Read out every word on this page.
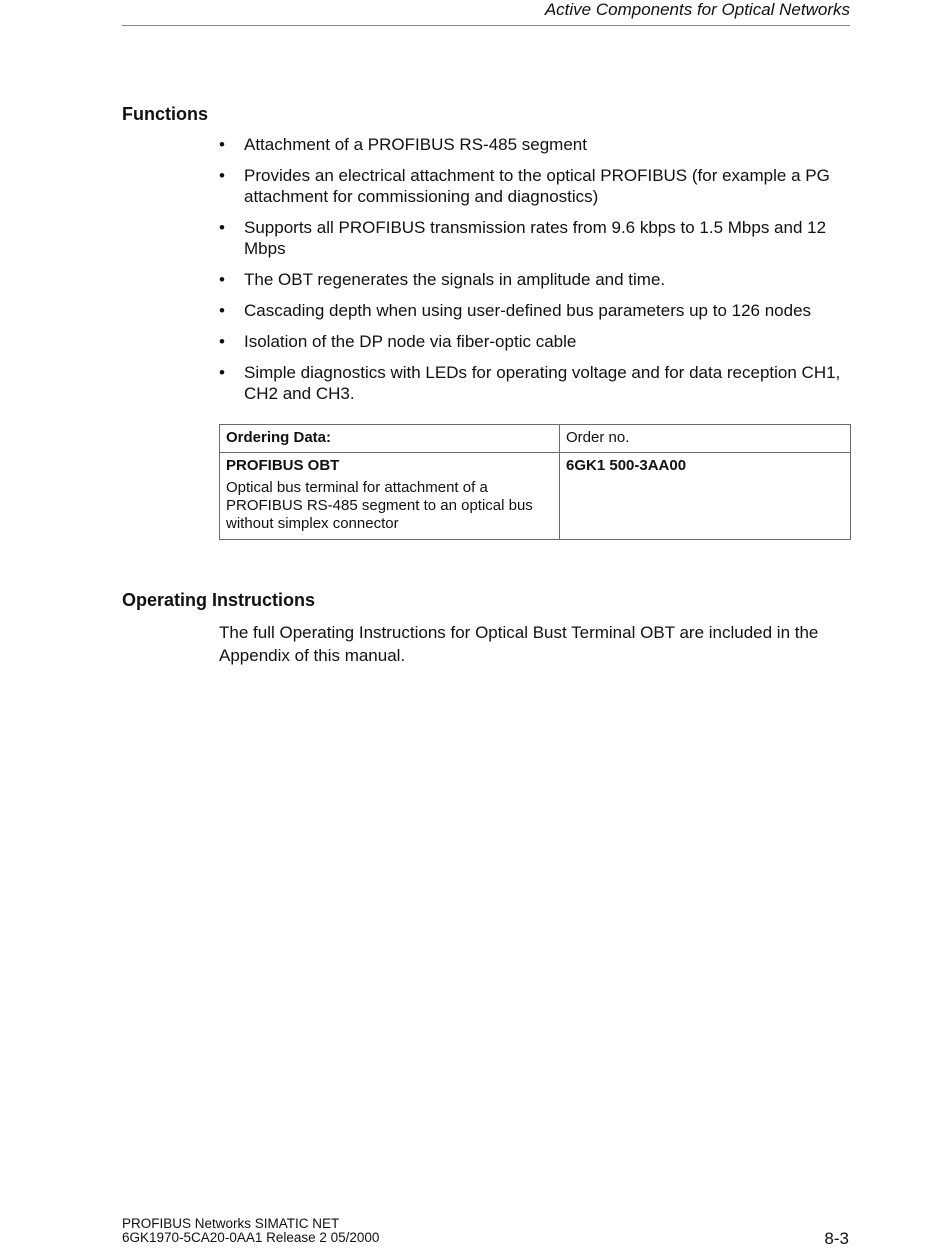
Active Components for Optical Networks
Functions
• Attachment of a PROFIBUS RS-485 segment
• Provides an electrical attachment to the optical PROFIBUS (for example a PG attachment for commissioning and diagnostics)
• Supports all PROFIBUS transmission rates from 9.6 kbps to 1.5 Mbps and 12 Mbps
• The OBT regenerates the signals in amplitude and time.
• Cascading depth when using user-defined bus parameters up to 126 nodes
• Isolation of the DP node via fiber-optic cable
• Simple diagnostics with LEDs for operating voltage and for data reception CH1, CH2 and CH3.
Ordering Data:	Order no.

PROFIBUS OBT
Optical bus terminal for attachment of a PROFIBUS RS-485 segment to an optical bus without simplex connector	6GK1 500-3AA00
Operating Instructions

The full Operating Instructions for Optical Bust Terminal OBT are included in the Appendix of this manual.

PROFIBUS Networks SIMATIC NET
6GK1970-5CA20-0AA1 Release 2 05/2000	8-3
